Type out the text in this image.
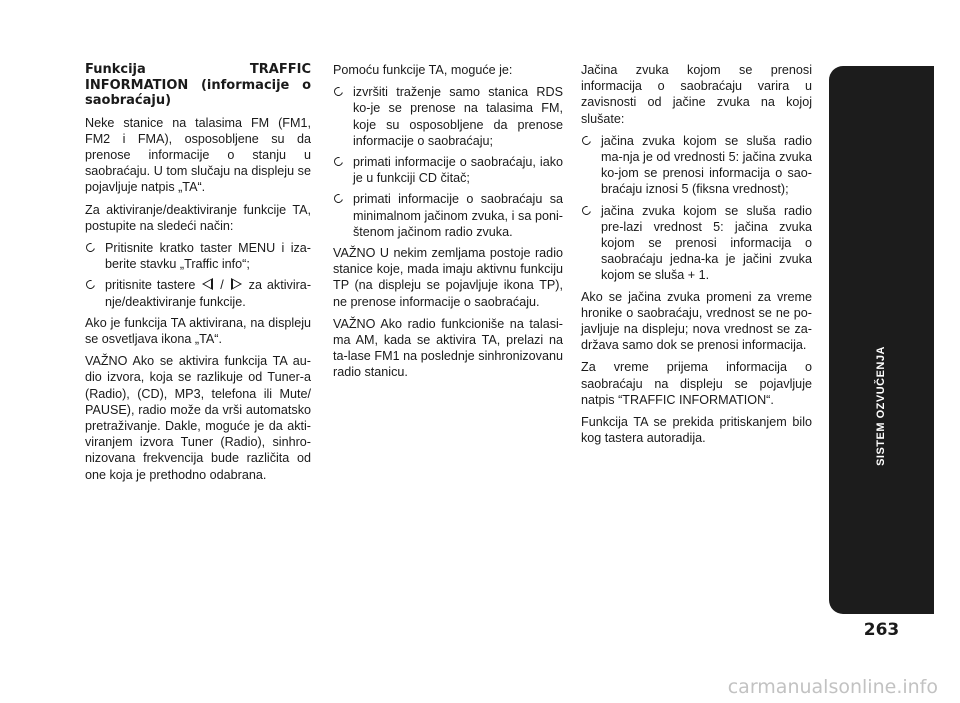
Funkcija TRAFFIC INFORMATION (informacije o saobraćaju)

Neke stanice na talasima FM (FM1, FM2 i FMA), osposobljene su da prenose informacije o stanju u saobraćaju. U tom slučaju na displeju se pojavljuje natpis „TA“.

Za aktiviranje/deaktiviranje funkcije TA, postupite na sledeći način:

Pritisnite kratko taster MENU i iza-berite stavku „Traffic info“;
pritisnite tastere / za aktivira-nje/deaktiviranje funkcije.

Ako je funkcija TA aktivirana, na displeju se osvetljava ikona „TA“.

VAŽNO Ako se aktivira funkcija TA au-dio izvora, koja se razlikuje od Tuner-a (Radio), (CD), MP3, telefona ili Mute/ PAUSE), radio može da vrši automatsko pretraživanje. Dakle, moguće je da akti-viranjem izvora Tuner (Radio), sinhro-nizovana frekvencija bude različita od one koja je prethodno odabrana.

Pomoću funkcije TA, moguće je:

izvršiti traženje samo stanica RDS ko-je se prenose na talasima FM, koje su osposobljene da prenose informacije o saobraćaju;
primati informacije o saobraćaju, iako je u funkciji CD čitač;
primati informacije o saobraćaju sa minimalnom jačinom zvuka, i sa poni-štenom jačinom radio zvuka.

VAŽNO U nekim zemljama postoje radio stanice koje, mada imaju aktivnu funkciju TP (na displeju se pojavljuje ikona TP), ne prenose informacije o saobraćaju.

VAŽNO Ako radio funkcioniše na talasi-ma AM, kada se aktivira TA, prelazi na ta-lase FM1 na poslednje sinhronizovanu radio stanicu.

Jačina zvuka kojom se prenosi informacija o saobraćaju varira u zavisnosti od jačine zvuka na kojoj slušate:

jačina zvuka kojom se sluša radio ma-nja je od vrednosti 5: jačina zvuka ko-jom se prenosi informacija o sao-braćaju iznosi 5 (fiksna vrednost);
jačina zvuka kojom se sluša radio pre-lazi vrednost 5: jačina zvuka kojom se prenosi informacija o saobraćaju jedna-ka je jačini zvuka kojom se sluša + 1.

Ako se jačina zvuka promeni za vreme hronike o saobraćaju, vrednost se ne po-javljuje na displeju; nova vrednost se za-država samo dok se prenosi informacija.

Za vreme prijema informacija o saobraćaju na displeju se pojavljuje natpis “TRAFFIC INFORMATION“.

Funkcija TA se prekida pritiskanjem bilo kog tastera autoradija.	SISTEM OZVUČENJA
263
carmanualsonline.info
